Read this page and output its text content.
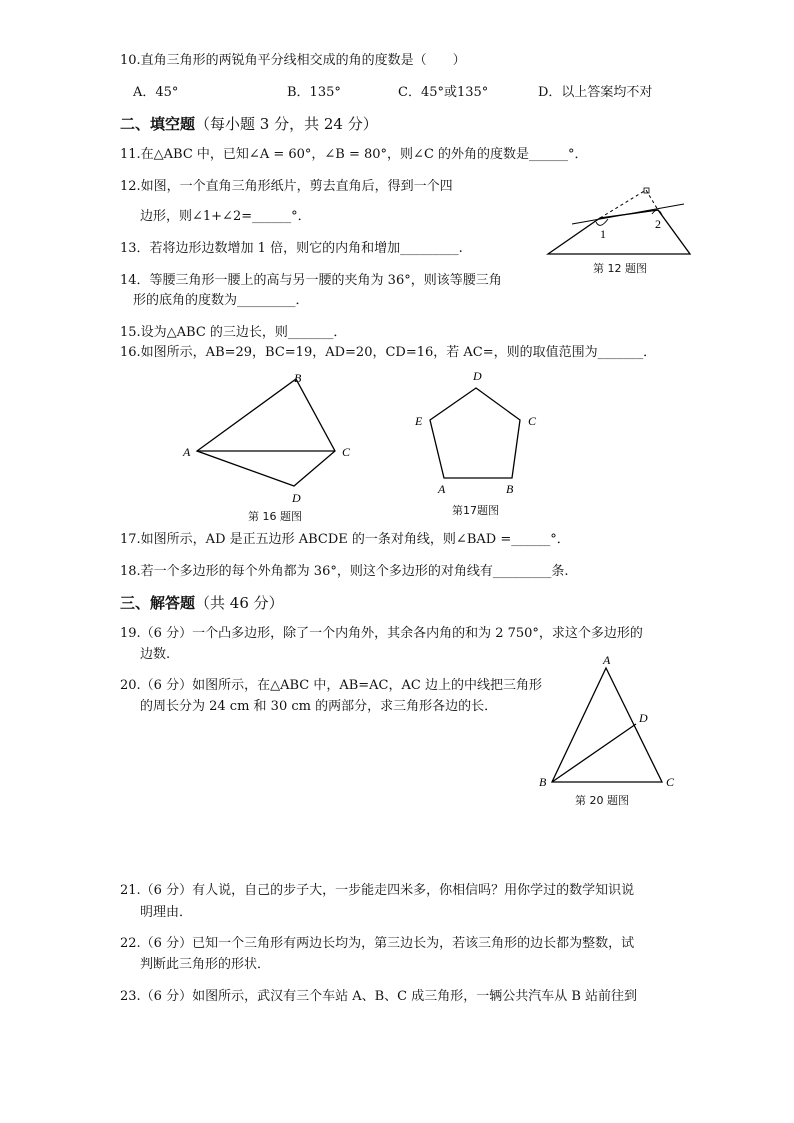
10.直角三角形的两锐角平分线相交成的角的度数是（　　）
A．45°	B．135°	C．45°或135°	D．以上答案均不对
二、填空题（每小题 3 分，共 24 分）
11.在△ABC 中，已知∠A = 60°，∠B = 80°，则∠C 的外角的度数是______°．
12.如图，一个直角三角形纸片，剪去直角后，得到一个四
边形，则∠1+∠2=______°．
1
2
第 12 题图
13．若将边形边数增加 1 倍，则它的内角和增加_________.
14．等腰三角形一腰上的高与另一腰的夹角为 36°，则该等腰三角
形的底角的度数为_________．
15.设为△ABC 的三边长，则_______．
16.如图所示，AB=29，BC=19，AD=20，CD=16，若 AC=，则的取值范围为_______．
A
B
C
D
第 16 题图
D
C
E
A	B
第17题图
17.如图所示，AD 是正五边形 ABCDE 的一条对角线，则∠BAD =______°．
18.若一个多边形的每个外角都为 36°，则这个多边形的对角线有_________条.
三、解答题（共 46 分）
19.（6 分）一个凸多边形，除了一个内角外，其余各内角的和为 2 750°，求这个多边形的
边数.
20.（6 分）如图所示，在△ABC 中，AB=AC，AC 边上的中线把三角形
的周长分为 24 cm 和 30 cm 的两部分，求三角形各边的长．
A
B	C
D
第 20 题图
21.（6 分）有人说，自己的步子大，一步能走四米多，你相信吗？用你学过的数学知识说
明理由．
22.（6 分）已知一个三角形有两边长均为，第三边长为，若该三角形的边长都为整数，试
判断此三角形的形状．
23.（6 分）如图所示，武汉有三个车站 A、B、C 成三角形，一辆公共汽车从 B 站前往到
